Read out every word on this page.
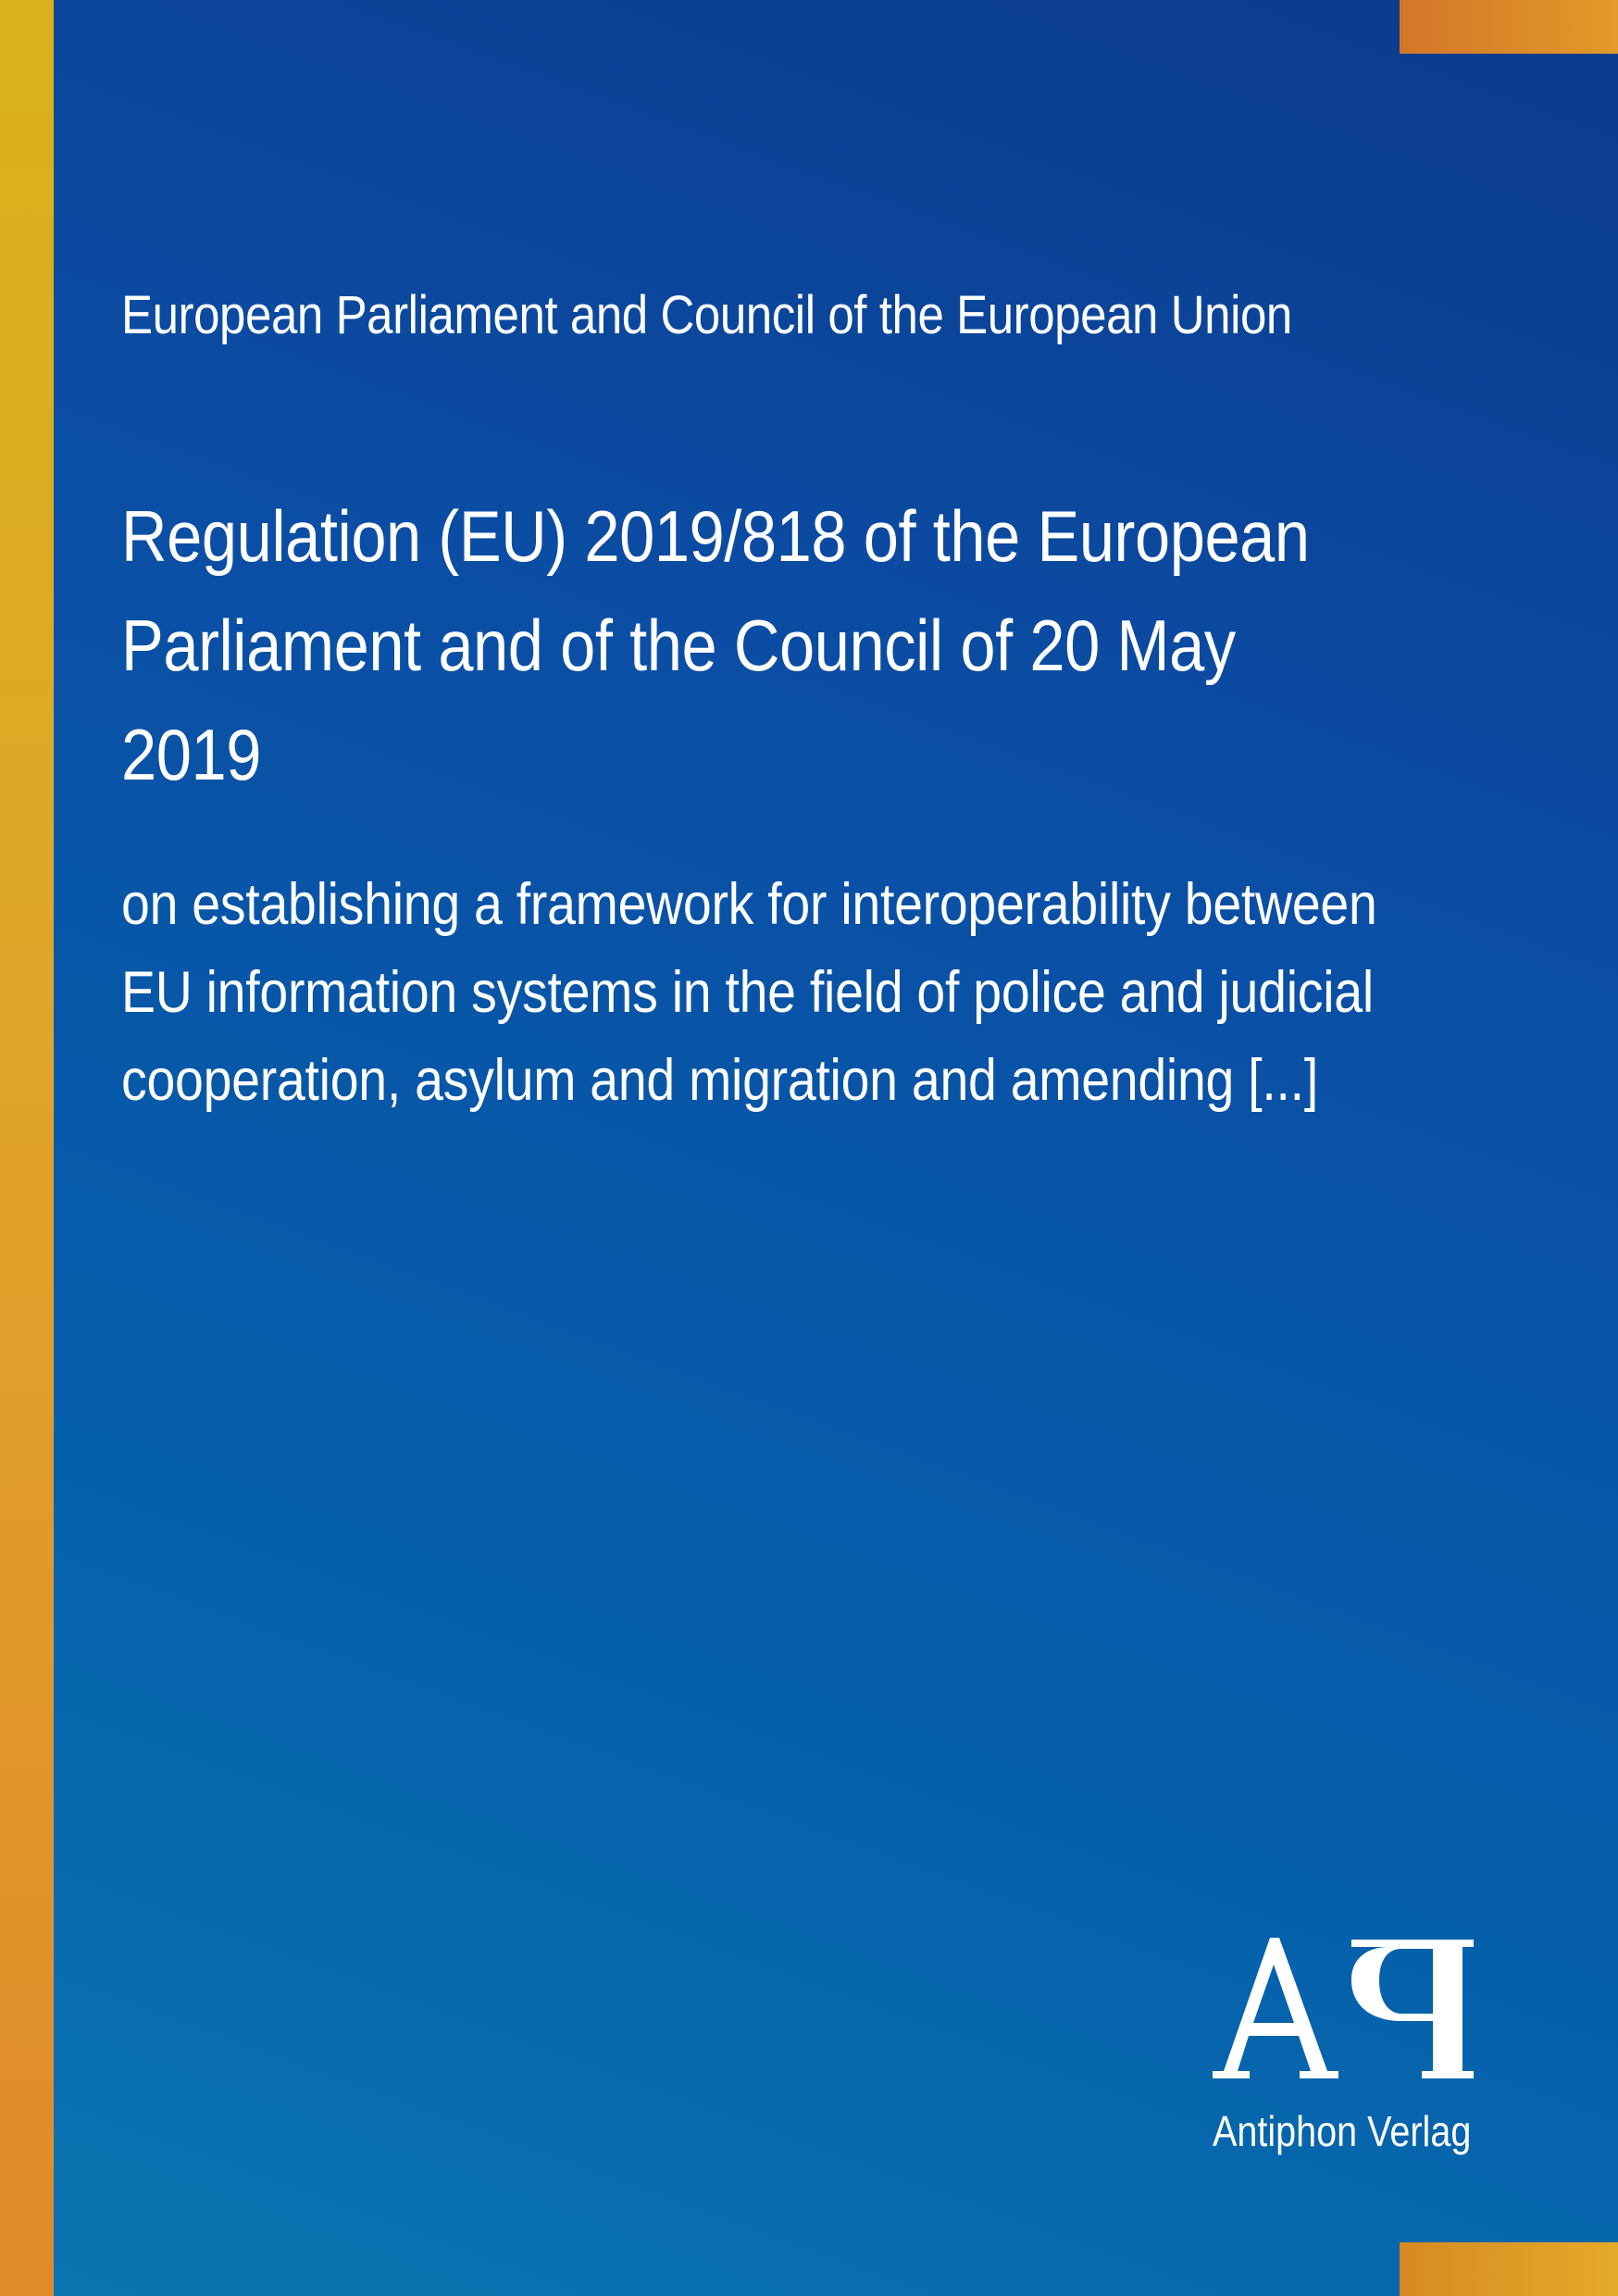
European Parliament and Council of the European Union
Regulation (EU) 2019/818 of the European
Parliament and of the Council of 20 May
2019
on establishing a framework for interoperability between
EU information systems in the field of police and judicial
cooperation, asylum and migration and amending [...]
Antiphon Verlag
